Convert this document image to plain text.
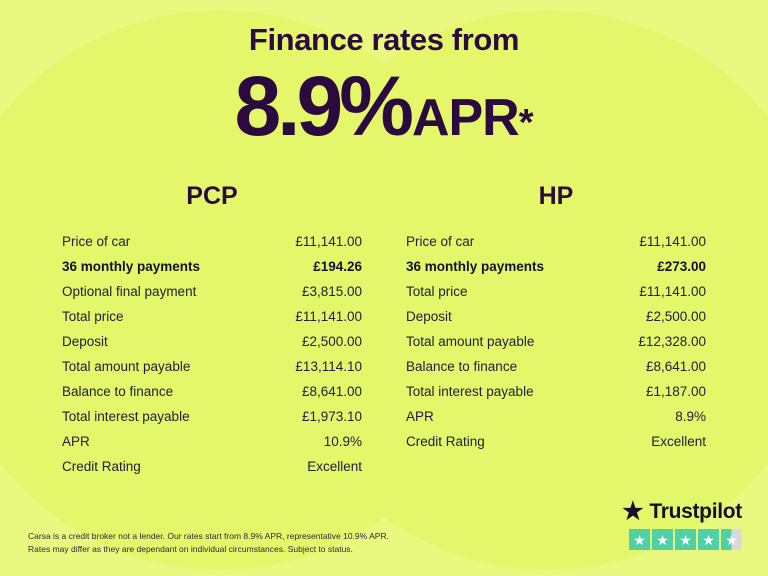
Finance rates from
8.9% APR *
PCP
Price of car	£11,141.00
36 monthly payments	£194.26
Optional final payment	£3,815.00
Total price	£11,141.00
Deposit	£2,500.00
Total amount payable	£13,114.10
Balance to finance	£8,641.00
Total interest payable	£1,973.10
APR	10.9%
Credit Rating	Excellent
HP
Price of car	£11,141.00
36 monthly payments	£273.00
Total price	£11,141.00
Deposit	£2,500.00
Total amount payable	£12,328.00
Balance to finance	£8,641.00
Total interest payable	£1,187.00
APR	8.9%
Credit Rating	Excellent
Carsa is a credit broker not a lender. Our rates start from 8.9% APR, representative 10.9% APR.
Rates may differ as they are dependant on individual circumstances. Subject to status.
★ Trustpilot
★ ★ ★ ★ ★
